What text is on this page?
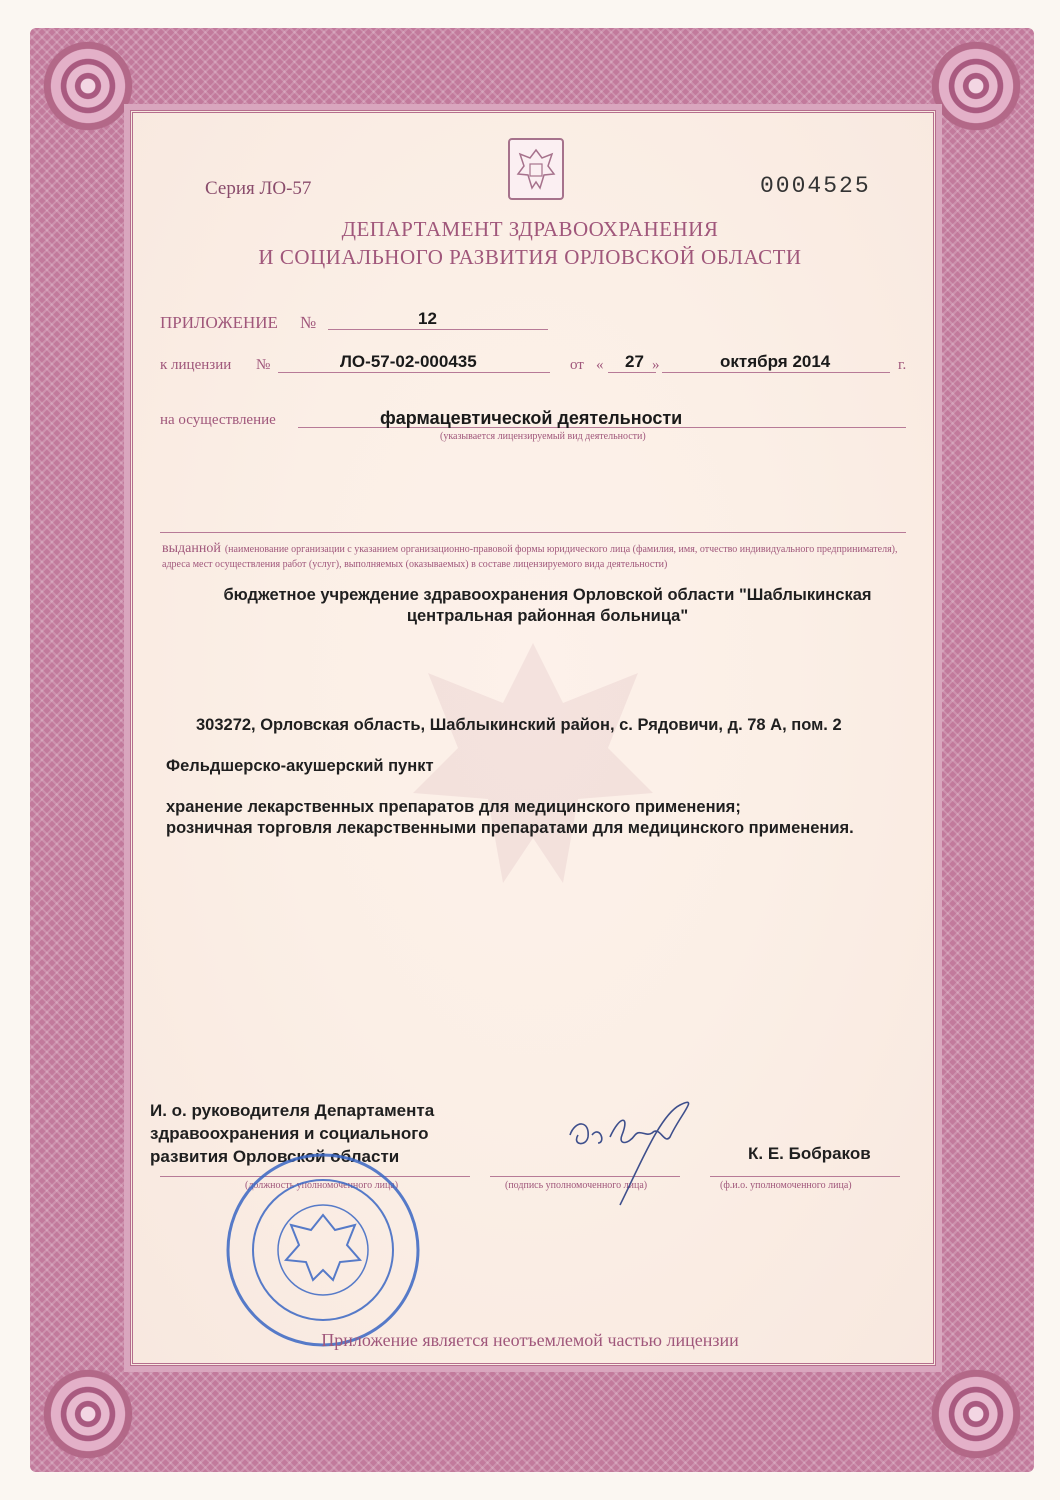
Серия ЛО-57	0004525
ДЕПАРТАМЕНТ ЗДРАВООХРАНЕНИЯ
И СОЦИАЛЬНОГО РАЗВИТИЯ ОРЛОВСКОЙ ОБЛАСТИ
ПРИЛОЖЕНИЕ №	12
к лицензии №	ЛО-57-02-000435	от « 27 »	октября 2014	г.
на осуществление	фармацевтической деятельности
(указывается лицензируемый вид деятельности)
выданной (наименование организации с указанием организационно-правовой формы юридического лица (фамилия, имя, отчество индивидуального предпринимателя), адреса мест осуществления работ (услуг), выполняемых (оказываемых) в составе лицензируемого вида деятельности)
бюджетное учреждение здравоохранения Орловской области "Шаблыкинская
центральная районная больница"
303272, Орловская область, Шаблыкинский район, с. Рядовичи, д. 78 А, пом. 2
Фельдшерско-акушерский пункт
хранение лекарственных препаратов для медицинского применения;
розничная торговля лекарственными препаратами для медицинского применения.
И. о. руководителя Департамента
здравоохранения и социального
развития Орловской области
(должность уполномоченного лица)	(подпись уполномоченного лица)
К. Е. Бобраков
(ф.и.о. уполномоченного лица)
Приложение является неотъемлемой частью лицензии
